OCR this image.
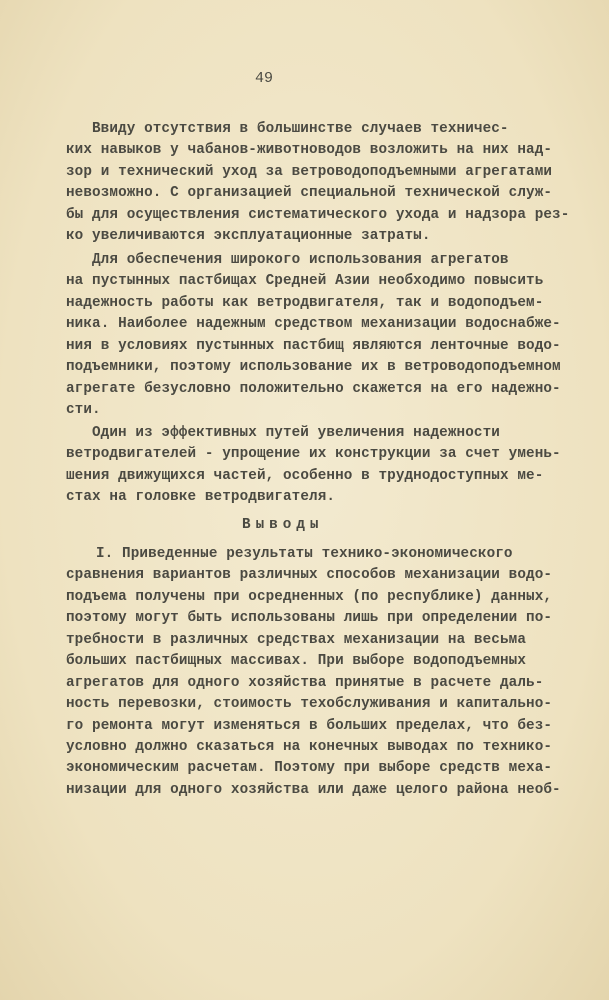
49
Ввиду отсутствия в большинстве случаев техничес-
ких навыков у чабанов-животноводов возложить на них над-
зор и технический уход за ветроводоподъемными агрегатами
невозможно. С организацией специальной технической служ-
бы для осуществления систематического ухода и надзора рез-
ко увеличиваются эксплуатационные затраты.
Для обеспечения широкого использования агрегатов
на пустынных пастбищах Средней Азии необходимо повысить
надежность работы как ветродвигателя, так и водоподъем-
ника. Наиболее надежным средством механизации водоснабже-
ния в условиях пустынных пастбищ являются ленточные водо-
подъемники, поэтому использование их в ветроводоподъемном
агрегате безусловно положительно скажется на его надежно-
сти.
Один из эффективных путей увеличения надежности
ветродвигателей - упрощение их конструкции за счет умень-
шения движущихся частей, особенно в труднодоступных ме-
стах на головке ветродвигателя.
Выводы
I. Приведенные результаты технико-экономического
сравнения вариантов различных способов механизации водо-
подъема получены при осредненных (по республике) данных,
поэтому могут быть использованы лишь при определении по-
требности в различных средствах механизации на весьма
больших пастбищных массивах. При выборе водоподъемных
агрегатов для одного хозяйства принятые в расчете даль-
ность перевозки, стоимость техобслуживания и капитально-
го ремонта могут изменяться в больших пределах, что без-
условно должно сказаться на конечных выводах по технико-
экономическим расчетам. Поэтому при выборе средств меха-
низации для одного хозяйства или даже целого района необ-
